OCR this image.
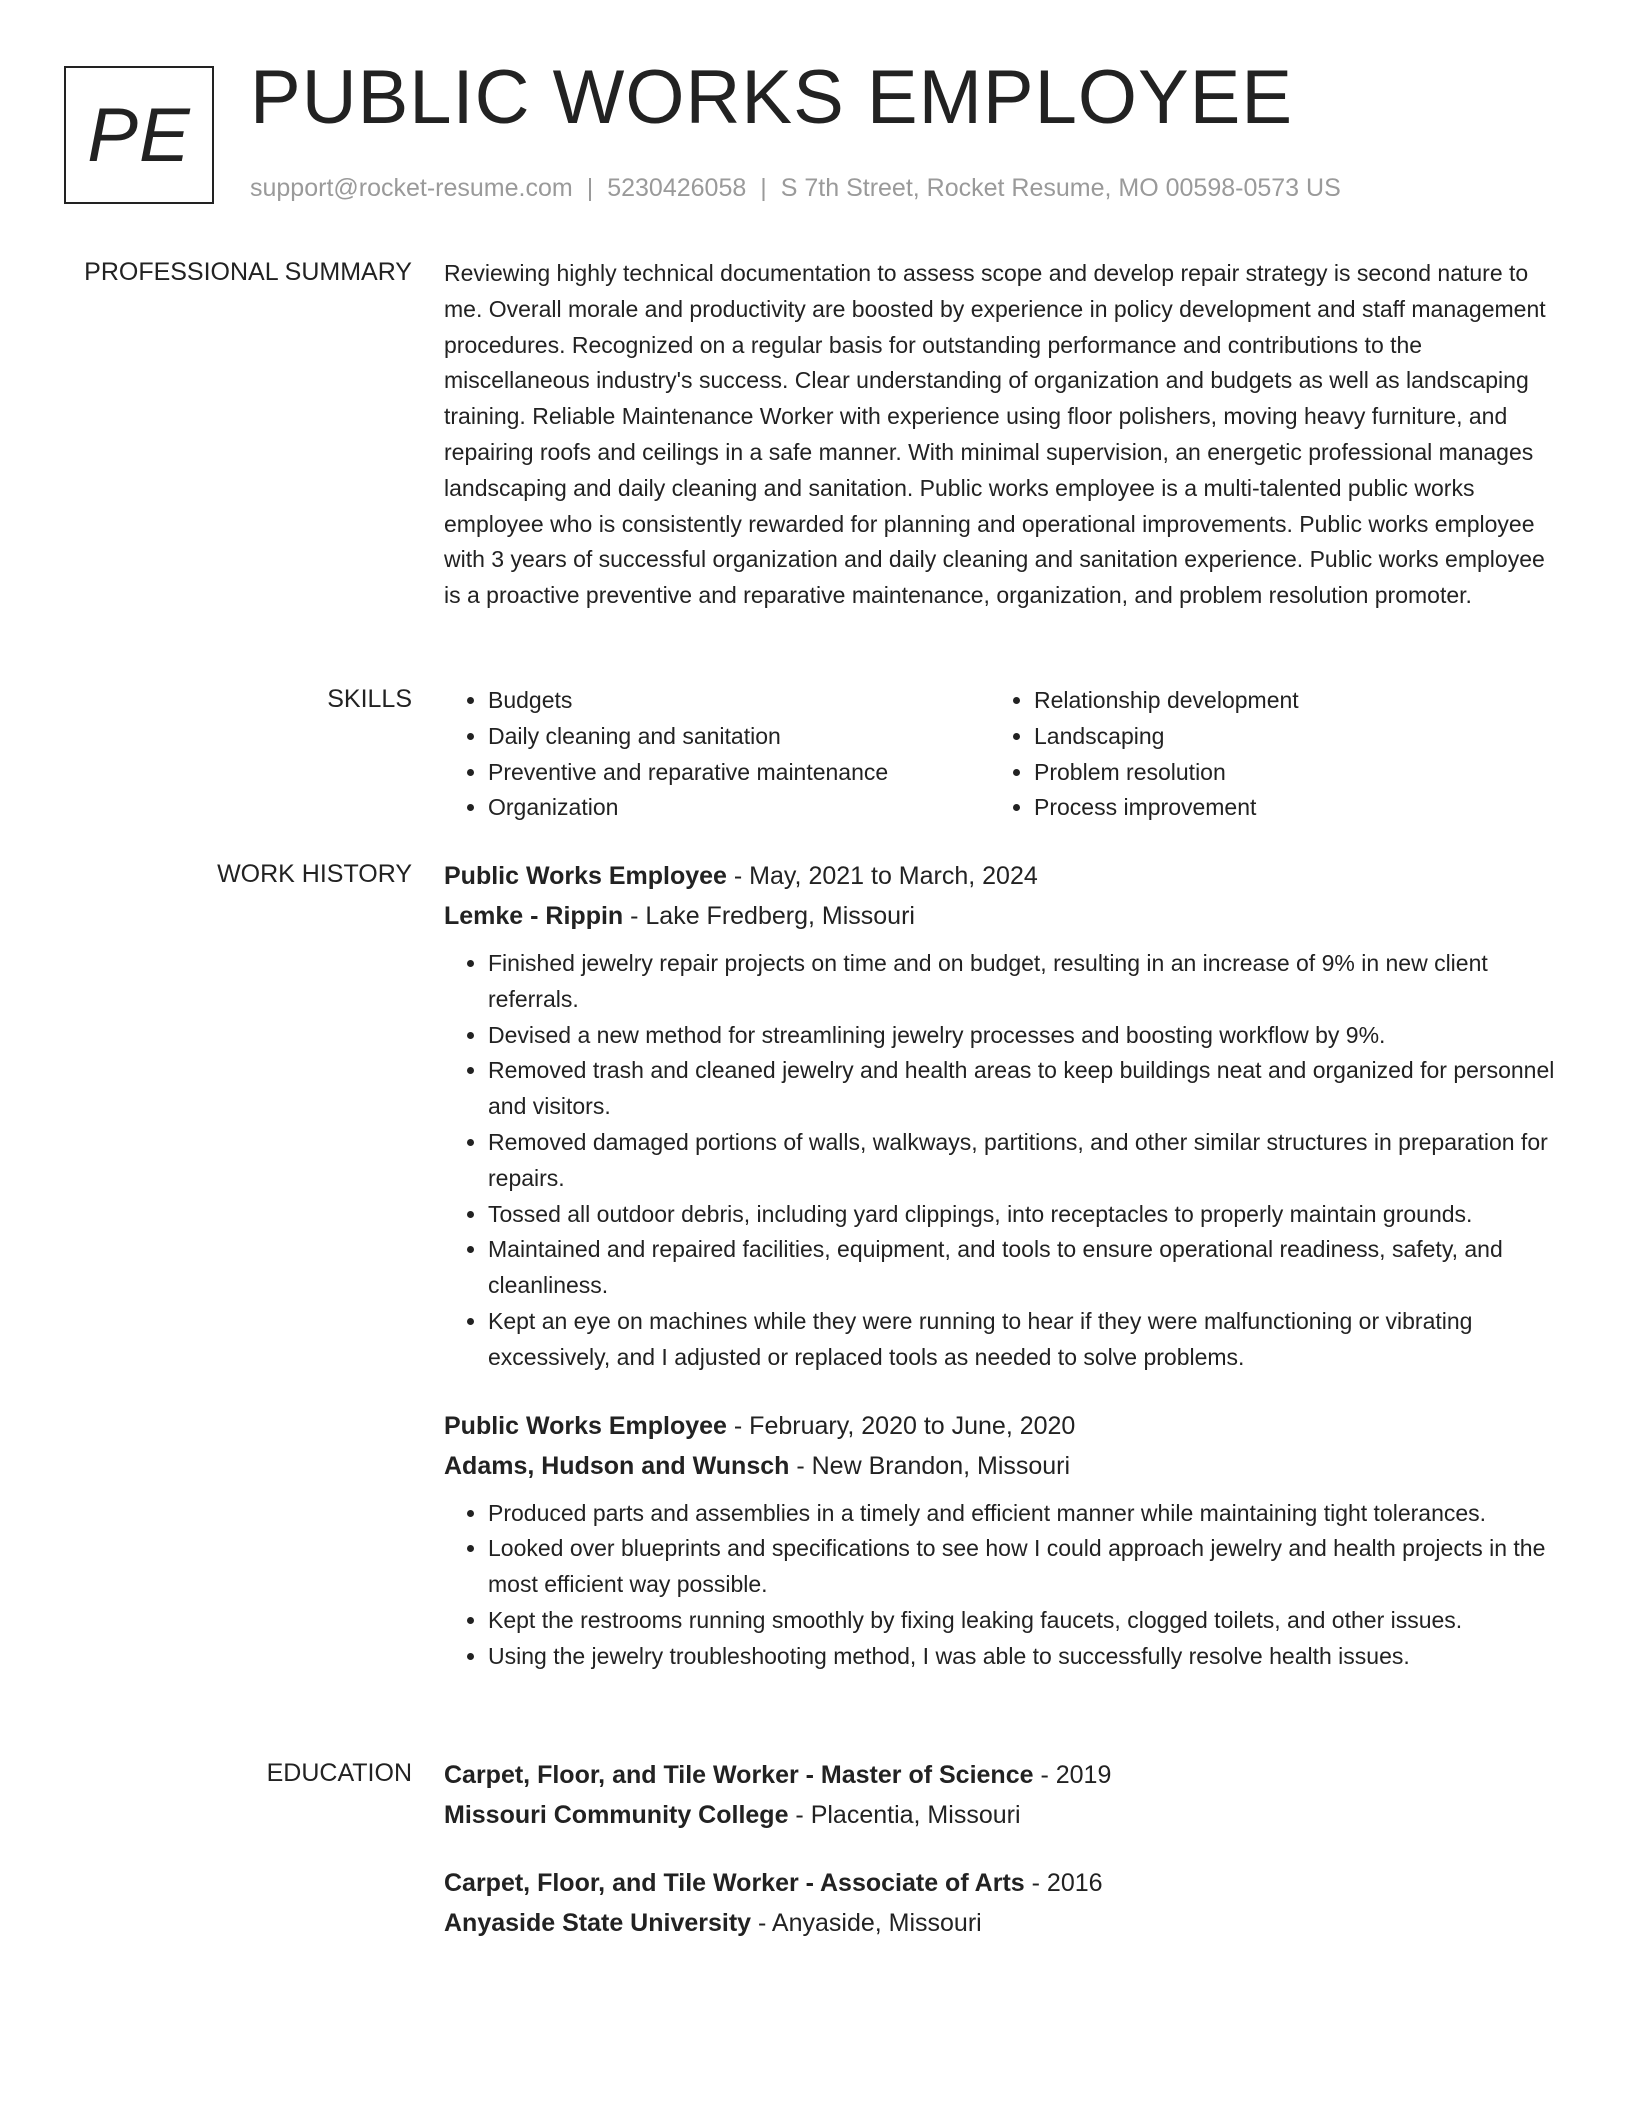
PE PUBLIC WORKS EMPLOYEE
support@rocket-resume.com | 5230426058 | S 7th Street, Rocket Resume, MO 00598-0573 US
PROFESSIONAL SUMMARY Reviewing highly technical documentation to assess scope and develop repair strategy is second nature to me. Overall morale and productivity are boosted by experience in policy development and staff management procedures. Recognized on a regular basis for outstanding performance and contributions to the miscellaneous industry's success. Clear understanding of organization and budgets as well as landscaping training. Reliable Maintenance Worker with experience using floor polishers, moving heavy furniture, and repairing roofs and ceilings in a safe manner. With minimal supervision, an energetic professional manages landscaping and daily cleaning and sanitation. Public works employee is a multi-talented public works employee who is consistently rewarded for planning and operational improvements. Public works employee with 3 years of successful organization and daily cleaning and sanitation experience. Public works employee is a proactive preventive and reparative maintenance, organization, and problem resolution promoter.

SKILLS
•	Budgets
• Daily cleaning and sanitation
• Preventive and reparative maintenance
• Organization
• Relationship development
• Landscaping
• Problem resolution
• Process improvement
WORK HISTORY Public Works Employee - May, 2021 to March, 2024
Lemke - Rippin - Lake Fredberg, Missouri
• Finished jewelry repair projects on time and on budget, resulting in an increase of 9% in new client referrals.
• Devised a new method for streamlining jewelry processes and boosting workflow by 9%.
• Removed trash and cleaned jewelry and health areas to keep buildings neat and organized for personnel and visitors.
• Removed damaged portions of walls, walkways, partitions, and other similar structures in preparation for repairs.
• Tossed all outdoor debris, including yard clippings, into receptacles to properly maintain grounds.
• Maintained and repaired facilities, equipment, and tools to ensure operational readiness, safety, and cleanliness.
• Kept an eye on machines while they were running to hear if they were malfunctioning or vibrating excessively, and I adjusted or replaced tools as needed to solve problems.
Public Works Employee - February, 2020 to June, 2020
Adams, Hudson and Wunsch - New Brandon, Missouri
• Produced parts and assemblies in a timely and efficient manner while maintaining tight tolerances.
• Looked over blueprints and specifications to see how I could approach jewelry and health projects in the most efficient way possible.
• Kept the restrooms running smoothly by fixing leaking faucets, clogged toilets, and other issues.
• Using the jewelry troubleshooting method, I was able to successfully resolve health issues.
EDUCATION Carpet, Floor, and Tile Worker - Master of Science - 2019
Missouri Community College - Placentia, Missouri
Carpet, Floor, and Tile Worker - Associate of Arts - 2016
Anyaside State University - Anyaside, Missouri
